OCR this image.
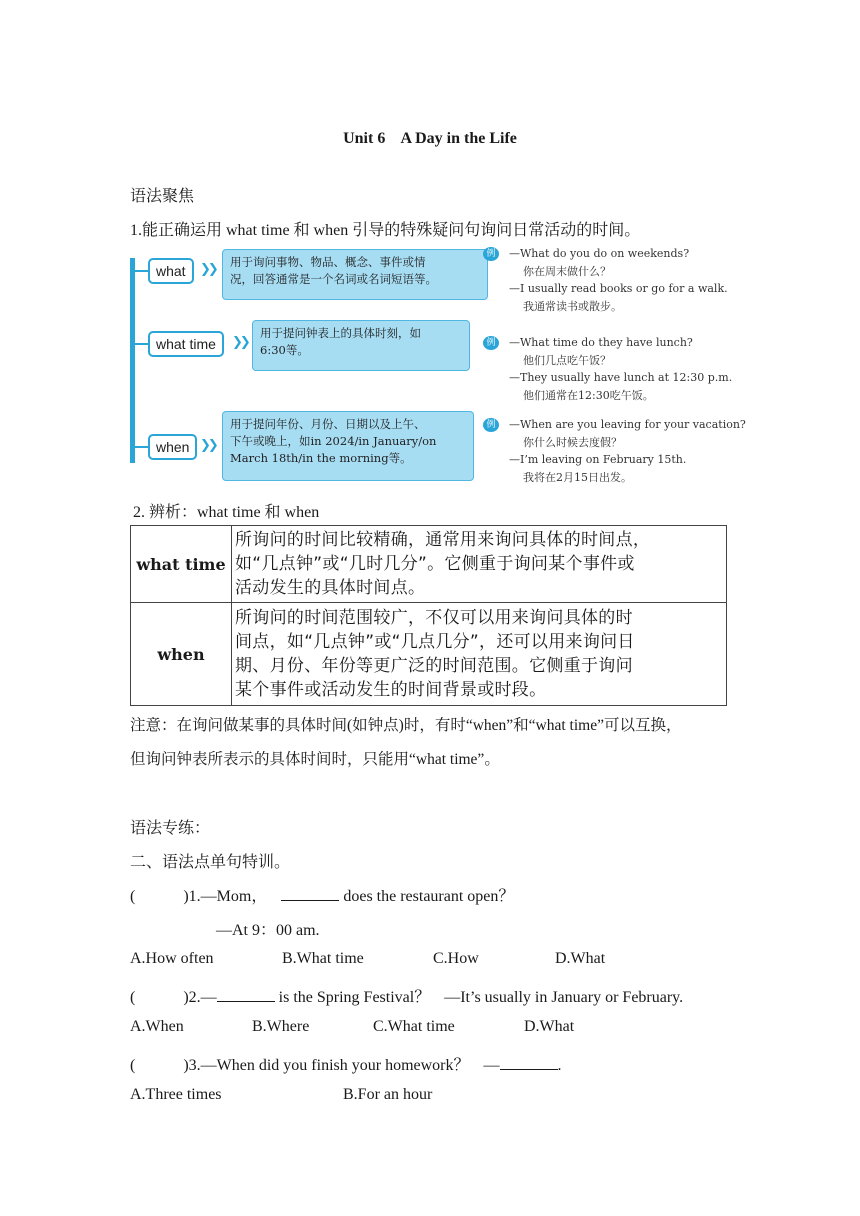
Unit 6 A Day in the Life
语法聚焦
1.能正确运用 what time 和 when 引导的特殊疑问句询问日常活动的时间。
what	❯❯ 用于询问事物、物品、概念、事件或情
况，回答通常是一个名词或名词短语等。
例	—What do you do on weekends?
你在周末做什么？
—I usually read books or go for a walk.
我通常读书或散步。
what time	❯❯
用于提问钟表上的具体时刻，如
6:30等。	例	—What time do they have lunch?
他们几点吃午饭？
—They usually have lunch at 12:30 p.m.
他们通常在12:30吃午饭。
when ❯❯
用于提问年份、月份、日期以及上午、
下午或晚上，如in 2024/in January/on
March 18th/in the morning等。
例	—When are you leaving for your vacation?
你什么时候去度假？
—I’m leaving on February 15th.
我将在2月15日出发。
2. 辨析：what time 和 when
what time	所询问的时间比较精确，通常用来询问具体的时间点，
如“几点钟”或“几时几分”。它侧重于询问某个事件或
活动发生的具体时间点。

when	所询问的时间范围较广，不仅可以用来询问具体的时
间点，如“几点钟”或“几点几分”，还可以用来询问日
期、月份、年份等更广泛的时间范围。它侧重于询问
某个事件或活动发生的时间背景或时段。
注意：在询问做某事的具体时间(如钟点)时，有时“when”和“what time”可以互换，
但询问钟表所表示的具体时间时，只能用“what time”。
语法专练：
二、语法点单句特训。
(            )1.—Mom，	does the restaurant open？
—At 9：00 am.
A.How often	B.What time	C.How	D.What
(            )2.—	is the Spring Festival？ —It’s usually in January or February.
A.When	B.Where	C.What time	D.What
(            )3.—When did you finish your homework？ —	.
A.Three times	B.For an hour
